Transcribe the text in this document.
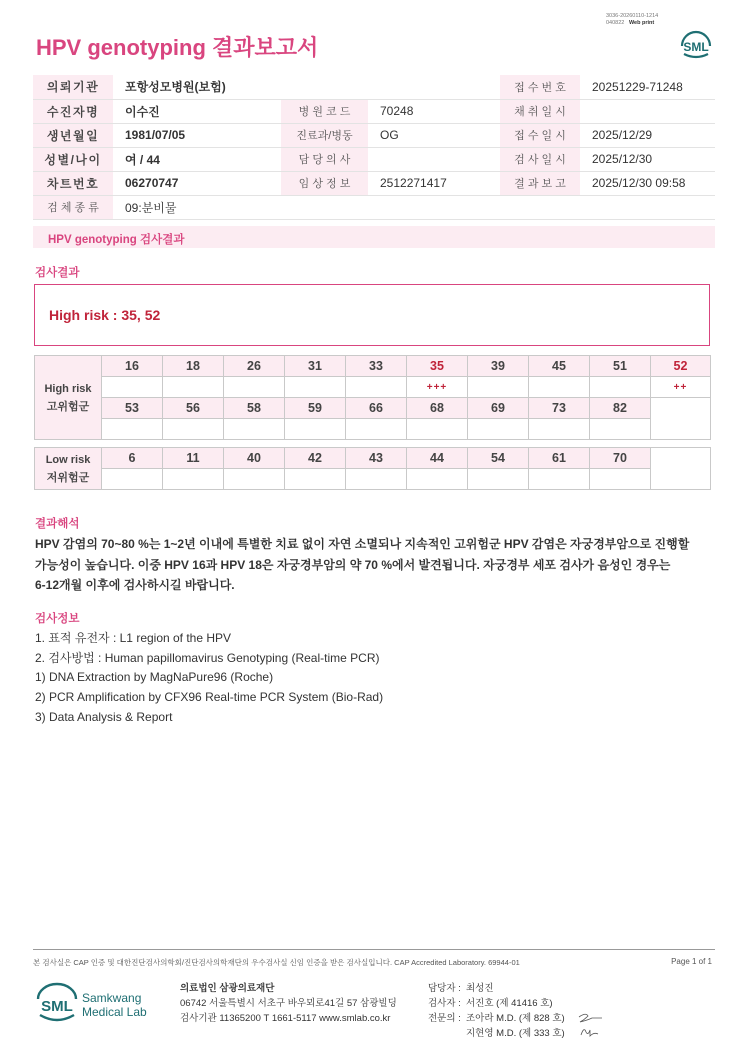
3036-20260110-1214
040822 Web print
HPV genotyping 결과보고서	SML
의뢰기관	포항성모병원(보험)			접 수 번 호	20251229-71248
수진자명	이수진	병 원 코 드	70248	채 취 일 시	
생년월일	1981/07/05	진료과/병동	OG	접 수 일 시	2025/12/29
성별/나이	여 / 44	담 당 의 사		검 사 일 시	2025/12/30
차트번호	06270747	임 상 정 보	2512271417	결 과 보 고	2025/12/30 09:58
검 체 종 류	09:분비물				
HPV genotyping 검사결과
검사결과
High risk : 35, 52
High risk
고위험군	16	18	26	31	33	35	39	45	51	52
						+++				++
	53	56	58	59	66	68	69	73	82	

Low risk
저위험군	6	11	40	42	43	44	54	61	70	

결과해석
HPV 감염의 70~80 %는 1~2년 이내에 특별한 치료 없이 자연 소멸되나 지속적인 고위험군 HPV 감염은 자궁경부암으로 진행할
가능성이 높습니다. 이중 HPV 16과 HPV 18은 자궁경부암의 약 70 %에서 발견됩니다. 자궁경부 세포 검사가 음성인 경우는
6-12개월 이후에 검사하시길 바랍니다.
검사정보
1. 표적 유전자 : L1 region of the HPV
2. 검사방법 : Human papillomavirus Genotyping (Real-time PCR)
1) DNA Extraction by MagNaPure96 (Roche)
2) PCR Amplification by CFX96 Real-time PCR System (Bio-Rad)
3) Data Analysis & Report
본 검사실은 CAP 인증 및 대한진단검사의학회/진단검사의학재단의 우수검사실 신임 인증을 받은 검사실입니다. CAP Accredited Laboratory. 69944-01	Page 1 of 1
SML Samkwang
Medical Lab
의료법인 삼광의료재단
06742 서울특별시 서초구 바우뫼로41길 57 삼광빌딩
검사기관 11365200 T 1661-5117 www.smlab.co.kr
담당자 : 최성진
검사자 : 서진호 (제 41416 호)
전문의 : 조아라 M.D. (제 828 호)
지현영 M.D. (제 333 호)
